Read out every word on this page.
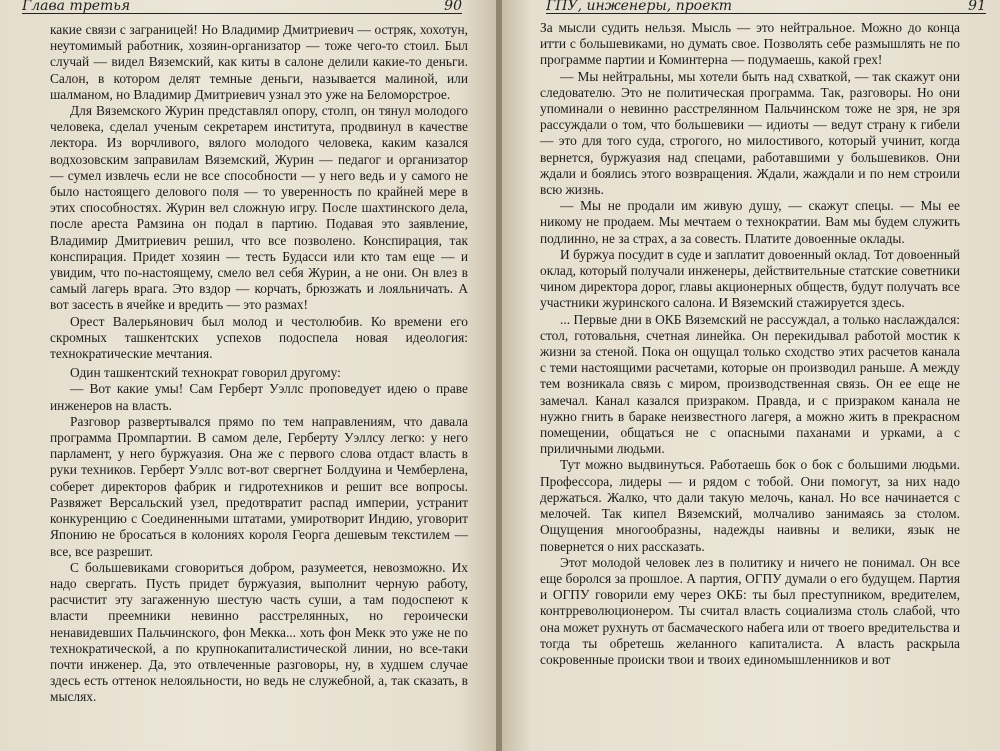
Глава третья	90

какие связи с заграницей! Но Владимир Дмитриевич — остряк, хохотун, неутомимый работник, хозяин-организатор — тоже чего-то стоил. Был случай — видел Вяземский, как киты в салоне делили какие-то деньги. Салон, в котором делят темные деньги, называется малиной, или шалманом, но Владимир Дмитриевич узнал это уже на Беломорстрое.

Для Вяземского Журин представлял опору, столп, он тянул молодого человека, сделал ученым секретарем института, продвинул в качестве лектора. Из ворчливого, вялого молодого человека, каким казался водхозовским заправилам Вяземский, Журин — педагог и организатор — сумел извлечь если не все способности — у него ведь и у самого не было настоящего делового поля — то уверенность по крайней мере в этих способностях. Журин вел сложную игру. После шахтинского дела, после ареста Рамзина он подал в партию. Подавая это заявление, Владимир Дмитриевич решил, что все позволено. Конспирация, так конспирация. Придет хозяин — тесть Будасси или кто там еще — и увидим, что по-настоящему, смело вел себя Журин, а не они. Он влез в самый лагерь врага. Это вздор — корчать, брюзжать и лояльничать. А вот засесть в ячейке и вредить — это размах!

Орест Валерьянович был молод и честолюбив. Ко времени его скромных ташкентских успехов подоспела новая идеология: технократические мечтания.

Один ташкентский технократ говорил другому:

— Вот какие умы! Сам Герберт Уэллс проповедует идею о праве инженеров на власть.

Разговор развертывался прямо по тем направлениям, что давала программа Промпартии. В самом деле, Герберту Уэллсу легко: у него парламент, у него буржуазия. Она же с первого слова отдаст власть в руки техников. Герберт Уэллс вот-вот свергнет Болдуина и Чемберлена, соберет директоров фабрик и гидротехников и решит все вопросы. Развяжет Версальский узел, предотвратит распад империи, устранит конкуренцию с Соединенными штатами, умиротворит Индию, уговорит Японию не бросаться в колониях короля Георга дешевым текстилем — все, все разрешит.

С большевиками сговориться добром, разумеется, невозможно. Их надо свергать. Пусть придет буржуазия, выполнит черную работу, расчистит эту загаженную шестую часть суши, а там подоспеют к власти преемники невинно расстрелянных, но героически ненавидевших Пальчинского, фон Мекка... хоть фон Мекк это уже не по технократической, а по крупнокапиталистической линии, но все-таки почти инженер. Да, это отвлеченные разговоры, ну, в худшем случае здесь есть оттенок нелояльности, но ведь не служебной, а, так сказать, в мыслях.

ГПУ, инженеры, проект	91

За мысли судить нельзя. Мысль — это нейтральное. Можно до конца итти с большевиками, но думать свое. Позволять себе размышлять не по программе партии и Коминтерна — подумаешь, какой грех!

— Мы нейтральны, мы хотели быть над схваткой, — так скажут они следователю. Это не политическая программа. Так, разговоры. Но они упоминали о невинно расстрелянном Пальчинском тоже не зря, не зря рассуждали о том, что большевики — идиоты — ведут страну к гибели — это для того суда, строгого, но милостивого, который учинит, когда вернется, буржуазия над спецами, работавшими у большевиков. Они ждали и боялись этого возвращения. Ждали, жаждали и по нем строили всю жизнь.

— Мы не продали им живую душу, — скажут спецы. — Мы ее никому не продаем. Мы мечтаем о технократии. Вам мы будем служить подлинно, не за страх, а за совесть. Платите довоенные оклады.

И буржуа посудит в суде и заплатит довоенный оклад. Тот довоенный оклад, который получали инженеры, действительные статские советники чином директора дорог, главы акционерных обществ, будут получать все участники журинского салона. И Вяземский стажируется здесь.

... Первые дни в ОКБ Вяземский не рассуждал, а только наслаждался: стол, готовальня, счетная линейка. Он перекидывал работой мостик к жизни за стеной. Пока он ощущал только сходство этих расчетов канала с теми настоящими расчетами, которые он производил раньше. А между тем возникала связь с миром, производственная связь. Он ее еще не замечал. Канал казался призраком. Правда, и с призраком канала не нужно гнить в бараке неизвестного лагеря, а можно жить в прекрасном помещении, общаться не с опасными паханами и урками, а с приличными людьми.

Тут можно выдвинуться. Работаешь бок о бок с большими людьми. Профессора, лидеры — и рядом с тобой. Они помогут, за них надо держаться. Жалко, что дали такую мелочь, канал. Но все начинается с мелочей. Так кипел Вяземский, молчаливо занимаясь за столом. Ощущения многообразны, надежды наивны и велики, язык не повернется о них рассказать.

Этот молодой человек лез в политику и ничего не понимал. Он все еще боролся за прошлое. А партия, ОГПУ думали о его будущем. Партия и ОГПУ говорили ему через ОКБ: ты был преступником, вредителем, контрреволюционером. Ты считал власть социализма столь слабой, что она может рухнуть от басмаческого набега или от твоего вредительства и тогда ты обретешь желанного капиталиста. А власть раскрыла сокровенные происки твои и твоих единомышленников и вот
